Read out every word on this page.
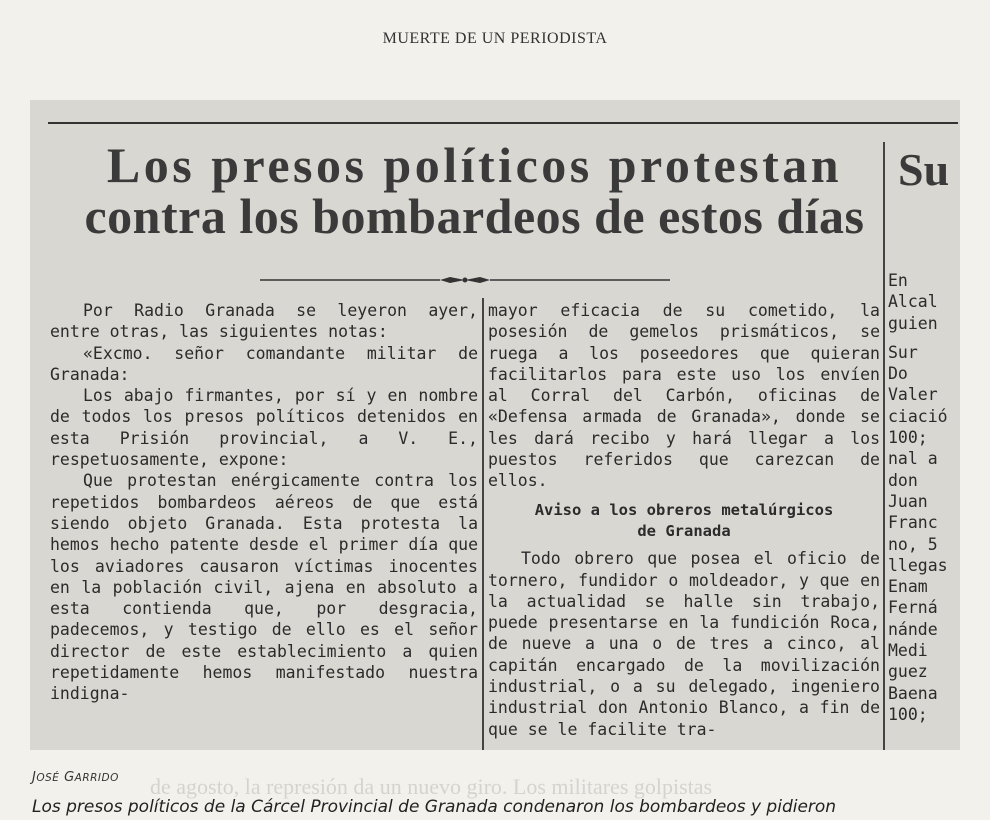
MUERTE DE UN PERIODISTA
de agosto, la represión da un nuevo giro. Los militares golpistas
Los presos políticos protestan
contra los bombardeos de estos días

Por Radio Granada se leyeron ayer, entre otras, las siguientes notas:

«Excmo. señor comandante militar de Granada:

Los abajo firmantes, por sí y en nombre de todos los presos políticos detenidos en esta Prisión provincial, a V. E., respetuosamente, expone:

Que protestan enérgicamente contra los repetidos bombardeos aéreos de que está siendo objeto Granada. Esta protesta la hemos hecho patente desde el primer día que los aviadores causaron víctimas inocentes en la población civil, ajena en absoluto a esta contienda que, por desgracia, padecemos, y testigo de ello es el señor director de este establecimiento a quien repetidamente hemos manifestado nuestra indigna-

mayor eficacia de su cometido, la posesión de gemelos prismáticos, se ruega a los poseedores que quieran facilitarlos para este uso los envíen al Corral del Carbón, oficinas de «Defensa armada de Granada», donde se les dará recibo y hará llegar a los puestos referidos que carezcan de ellos.

Aviso a los obreros metalúrgicos
de Granada

Todo obrero que posea el oficio de tornero, fundidor o moldeador, y que en la actualidad se halle sin trabajo, puede presentarse en la fundición Roca, de nueve a una o de tres a cinco, al capitán encargado de la movilización industrial, o a su delegado, ingeniero industrial don Antonio Blanco, a fin de que se le facilite tra-

Su
En
Alcal
guien
Sur
Do
Valer
ciació
100;
nal a
don
Juan
Franc
no, 5
llegas
Enam
Ferná
nánde
Medi
guez
Baena
100;
JOSÉ GARRIDO
Los presos políticos de la Cárcel Provincial de Granada condenaron los bombardeos y pidieron
